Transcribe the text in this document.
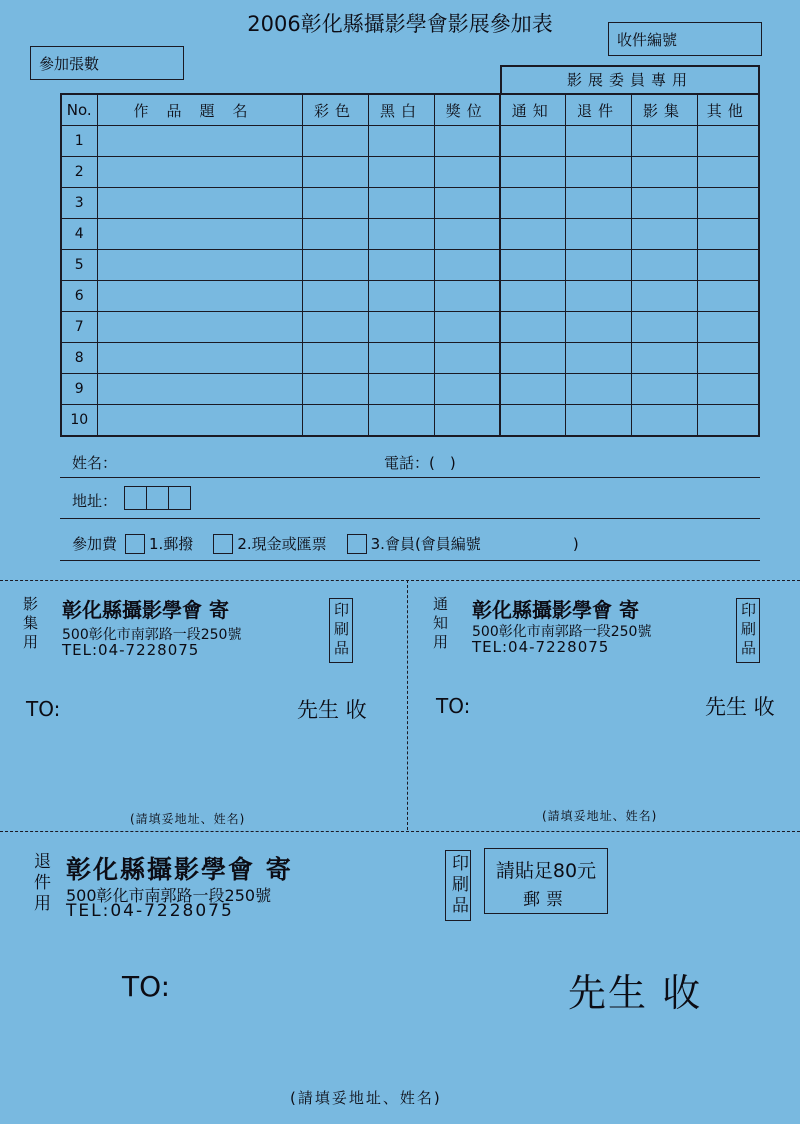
2006彰化縣攝影學會影展參加表
參加張數
收件編號
影展委員專用
No.	作品題名	彩色	黑白	獎位	通知	退件	影集	其他
1								
2								
3								
4								
5								
6								
7								
8								
9								
10								
姓名：	電話：(　)
地址：
參加費 1.郵撥	2.現金或匯票	3.會員(會員編號	)
影集用 彰化縣攝影學會 寄
500彰化市南郭路一段250號
TEL:04-7228075	印刷品
TO:	先生 收
(請填妥地址、姓名)
通知用 彰化縣攝影學會 寄
500彰化市南郭路一段250號
TEL:04-7228075	印刷品
TO:	先生 收
(請填妥地址、姓名)
退件用 彰化縣攝影學會 寄
500彰化市南郭路一段250號
TEL:04-7228075	印刷品	請貼足80元
郵票
TO:	先生 收
(請填妥地址、姓名)
